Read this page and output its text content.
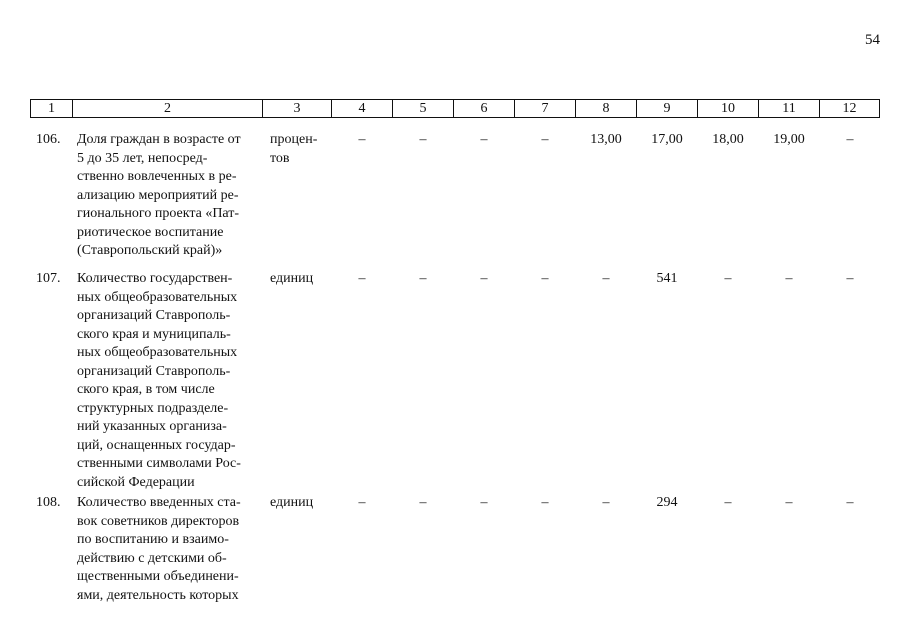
54
1	2	3	4	5	6	7	8	9	10	11	12
106.	Доля граждан в возрасте от
5 до 35 лет, непосред-
ственно вовлеченных в ре-
ализацию мероприятий ре-
гионального проекта «Пат-
риотическое воспитание
(Ставропольский край)»
процен-
тов
–	–	–	–	13,00	17,00	18,00	19,00	–
107.	Количество государствен-
ных общеобразовательных
организаций Ставрополь-
ского края и муниципаль-
ных общеобразовательных
организаций Ставрополь-
ского края, в том числе
структурных подразделе-
ний указанных организа-
ций, оснащенных государ-
ственными символами Рос-
сийской Федерации
единиц	–	–	–	–	–	541	–	–	–
108.	Количество введенных ста-
вок советников директоров
по воспитанию и взаимо-
действию с детскими об-
щественными объединени-
ями, деятельность которых
единиц	–	–	–	–	–	294	–	–	–
